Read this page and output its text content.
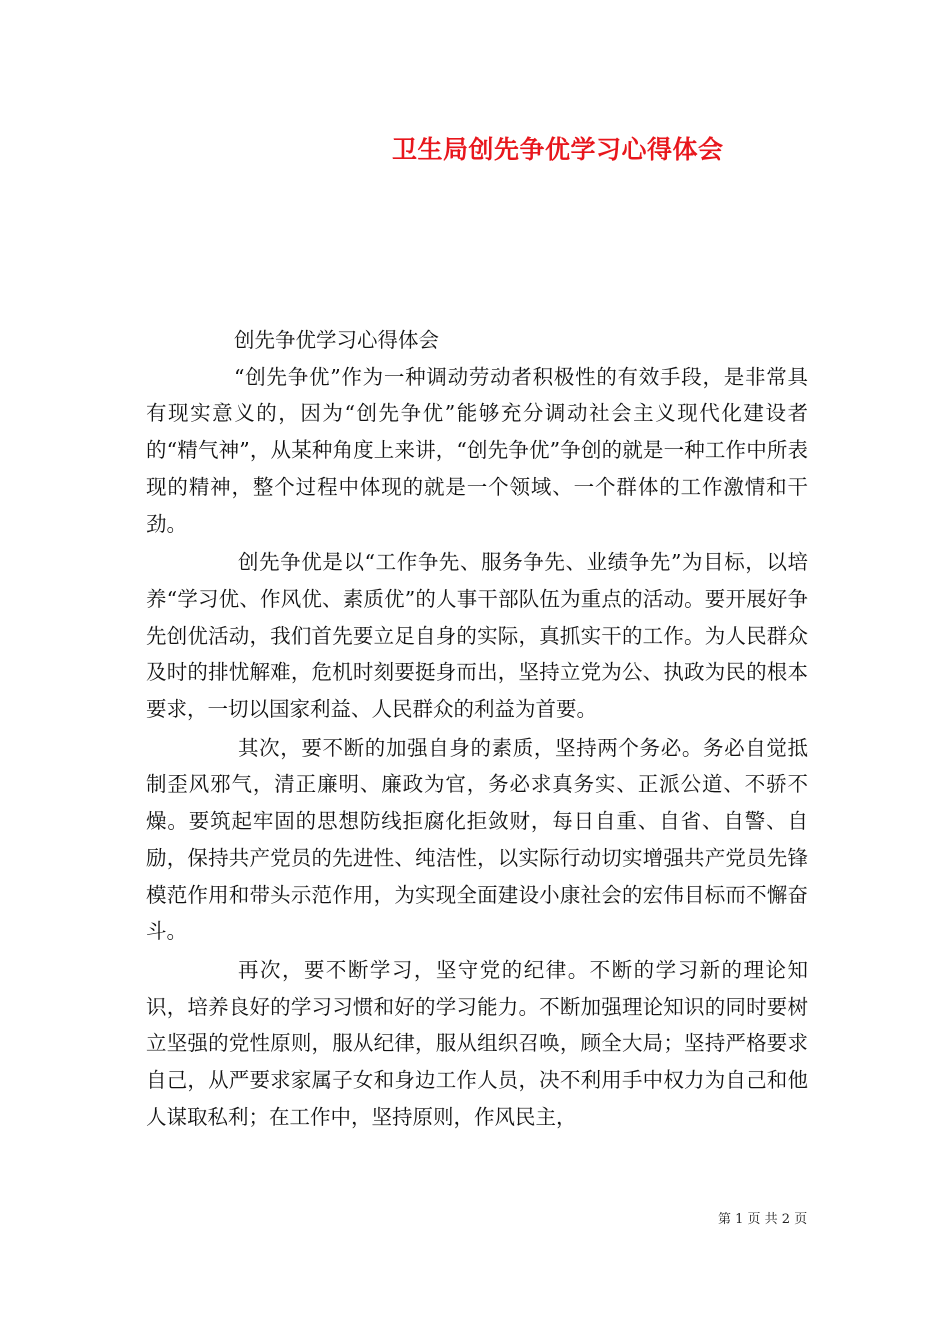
卫生局创先争优学习心得体会

创先争优学习心得体会

“创先争优”作为一种调动劳动者积极性的有效手段，是非常具有现实意义的，因为“创先争优”能够充分调动社会主义现代化建设者的“精气神”，从某种角度上来讲，“创先争优”争创的就是一种工作中所表现的精神，整个过程中体现的就是一个领域、一个群体的工作激情和干劲。

创先争优是以“工作争先、服务争先、业绩争先”为目标，以培养“学习优、作风优、素质优”的人事干部队伍为重点的活动。要开展好争先创优活动，我们首先要立足自身的实际，真抓实干的工作。为人民群众及时的排忧解难，危机时刻要挺身而出，坚持立党为公、执政为民的根本要求，一切以国家利益、人民群众的利益为首要。

其次，要不断的加强自身的素质，坚持两个务必。务必自觉抵制歪风邪气，清正廉明、廉政为官，务必求真务实、正派公道、不骄不燥。要筑起牢固的思想防线拒腐化拒敛财，每日自重、自省、自警、自励，保持共产党员的先进性、纯洁性，以实际行动切实增强共产党员先锋模范作用和带头示范作用，为实现全面建设小康社会的宏伟目标而不懈奋斗。

再次，要不断学习，坚守党的纪律。不断的学习新的理论知识，培养良好的学习习惯和好的学习能力。不断加强理论知识的同时要树立坚强的党性原则，服从纪律，服从组织召唤，顾全大局；坚持严格要求自己，从严要求家属子女和身边工作人员，决不利用手中权力为自己和他人谋取私利；在工作中，坚持原则，作风民主，

第 1 页 共 2 页
